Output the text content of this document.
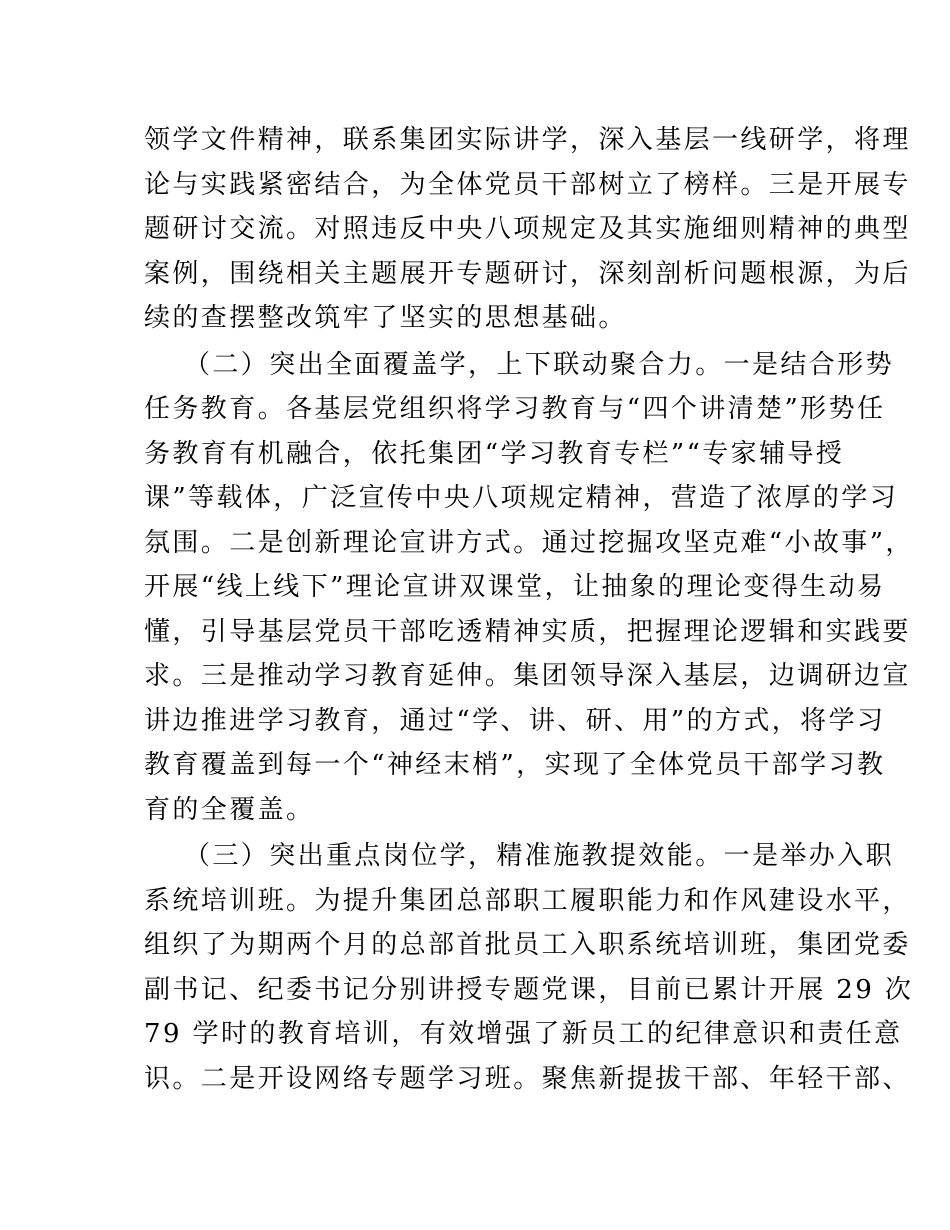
领学文件精神，联系集团实际讲学，深入基层一线研学，将理
论与实践紧密结合，为全体党员干部树立了榜样。三是开展专
题研讨交流。对照违反中央八项规定及其实施细则精神的典型
案例，围绕相关主题展开专题研讨，深刻剖析问题根源，为后
续的查摆整改筑牢了坚实的思想基础。
（二）突出全面覆盖学，上下联动聚合力。一是结合形势
任务教育。各基层党组织将学习教育与“四个讲清楚”形势任
务教育有机融合，依托集团“学习教育专栏”“专家辅导授
课”等载体，广泛宣传中央八项规定精神，营造了浓厚的学习
氛围。二是创新理论宣讲方式。通过挖掘攻坚克难“小故事”，
开展“线上线下”理论宣讲双课堂，让抽象的理论变得生动易
懂，引导基层党员干部吃透精神实质，把握理论逻辑和实践要
求。三是推动学习教育延伸。集团领导深入基层，边调研边宣
讲边推进学习教育，通过“学、讲、研、用”的方式，将学习
教育覆盖到每一个“神经末梢”，实现了全体党员干部学习教
育的全覆盖。
（三）突出重点岗位学，精准施教提效能。一是举办入职
系统培训班。为提升集团总部职工履职能力和作风建设水平，
组织了为期两个月的总部首批员工入职系统培训班，集团党委
副书记、纪委书记分别讲授专题党课，目前已累计开展 29 次
79 学时的教育培训，有效增强了新员工的纪律意识和责任意
识。二是开设网络专题学习班。聚焦新提拔干部、年轻干部、
